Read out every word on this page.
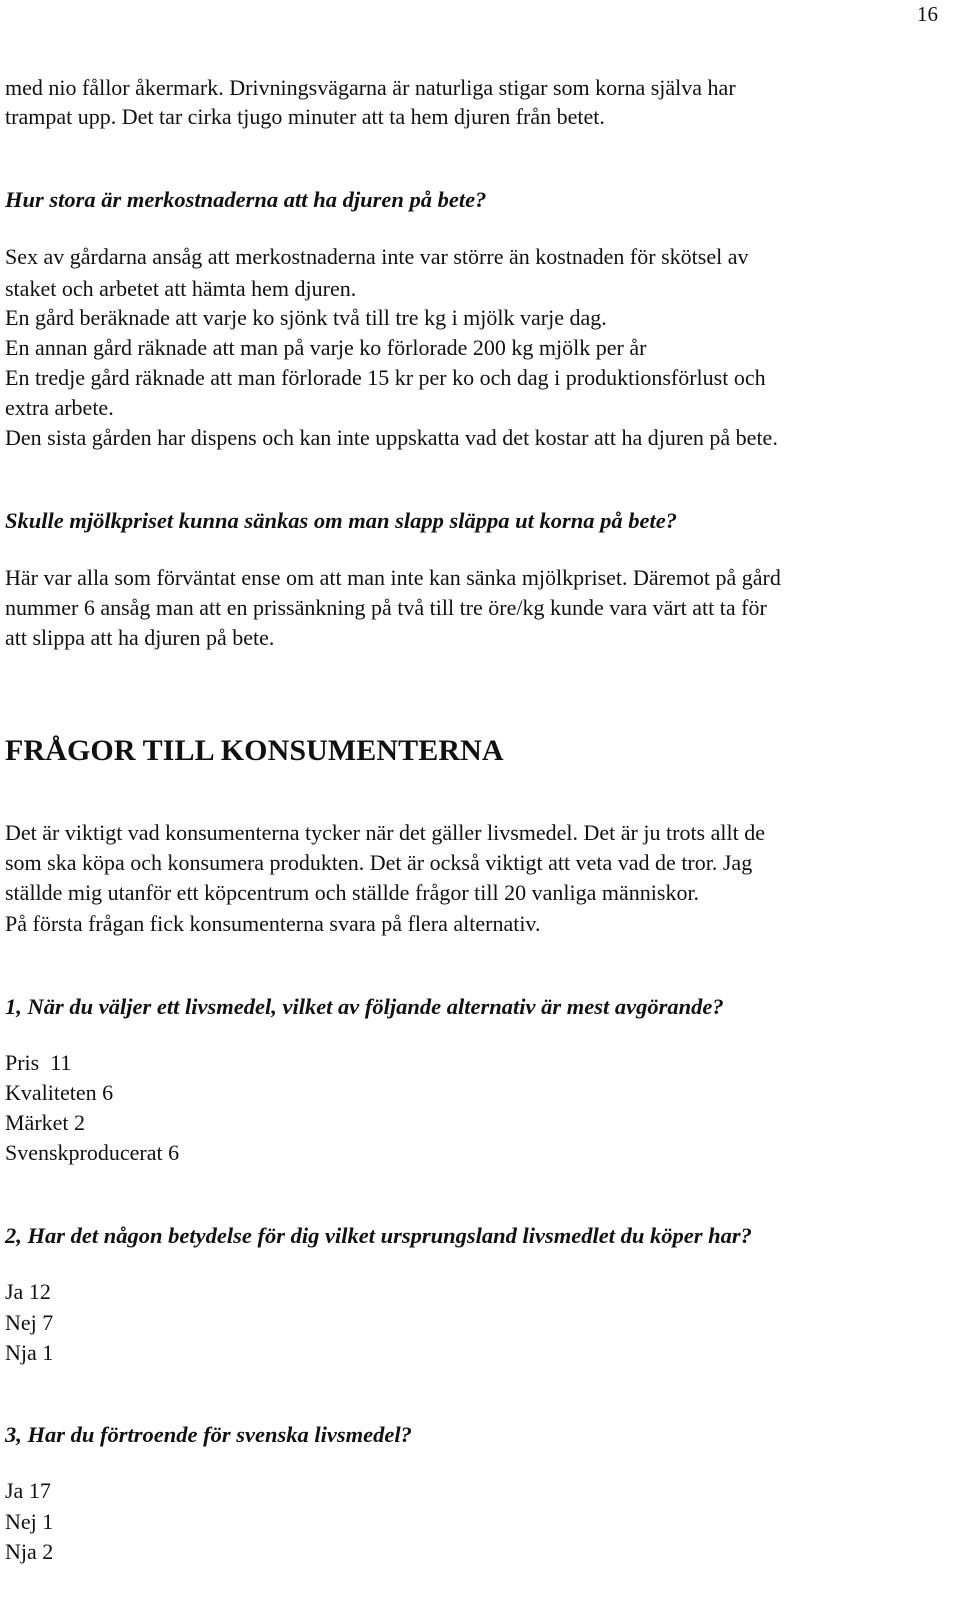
16
med nio fållor åkermark. Drivningsvägarna är naturliga stigar som korna själva har
trampat upp. Det tar cirka tjugo minuter att ta hem djuren från betet.
Hur stora är merkostnaderna att ha djuren på bete?
Sex av gårdarna ansåg att merkostnaderna inte var större än kostnaden för skötsel av
staket och arbetet att hämta hem djuren.
En gård beräknade att varje ko sjönk två till tre kg i mjölk varje dag.
En annan gård räknade att man på varje ko förlorade 200 kg mjölk per år
En tredje gård räknade att man förlorade 15 kr per ko och dag i produktionsförlust och
extra arbete.
Den sista gården har dispens och kan inte uppskatta vad det kostar att ha djuren på bete.
Skulle mjölkpriset kunna sänkas om man slapp släppa ut korna på bete?
Här var alla som förväntat ense om att man inte kan sänka mjölkpriset. Däremot på gård
nummer 6 ansåg man att en prissänkning på två till tre öre/kg kunde vara värt att ta för
att slippa att ha djuren på bete.
FRÅGOR TILL KONSUMENTERNA
Det är viktigt vad konsumenterna tycker när det gäller livsmedel. Det är ju trots allt de
som ska köpa och konsumera produkten. Det är också viktigt att veta vad de tror. Jag
ställde mig utanför ett köpcentrum och ställde frågor till 20 vanliga människor.
På första frågan fick konsumenterna svara på flera alternativ.
1, När du väljer ett livsmedel, vilket av följande alternativ är mest avgörande?
Pris  11
Kvaliteten 6
Märket 2
Svenskproducerat 6
2, Har det någon betydelse för dig vilket ursprungsland livsmedlet du köper har?
Ja 12
Nej 7
Nja 1
3, Har du förtroende för svenska livsmedel?
Ja 17
Nej 1
Nja 2
